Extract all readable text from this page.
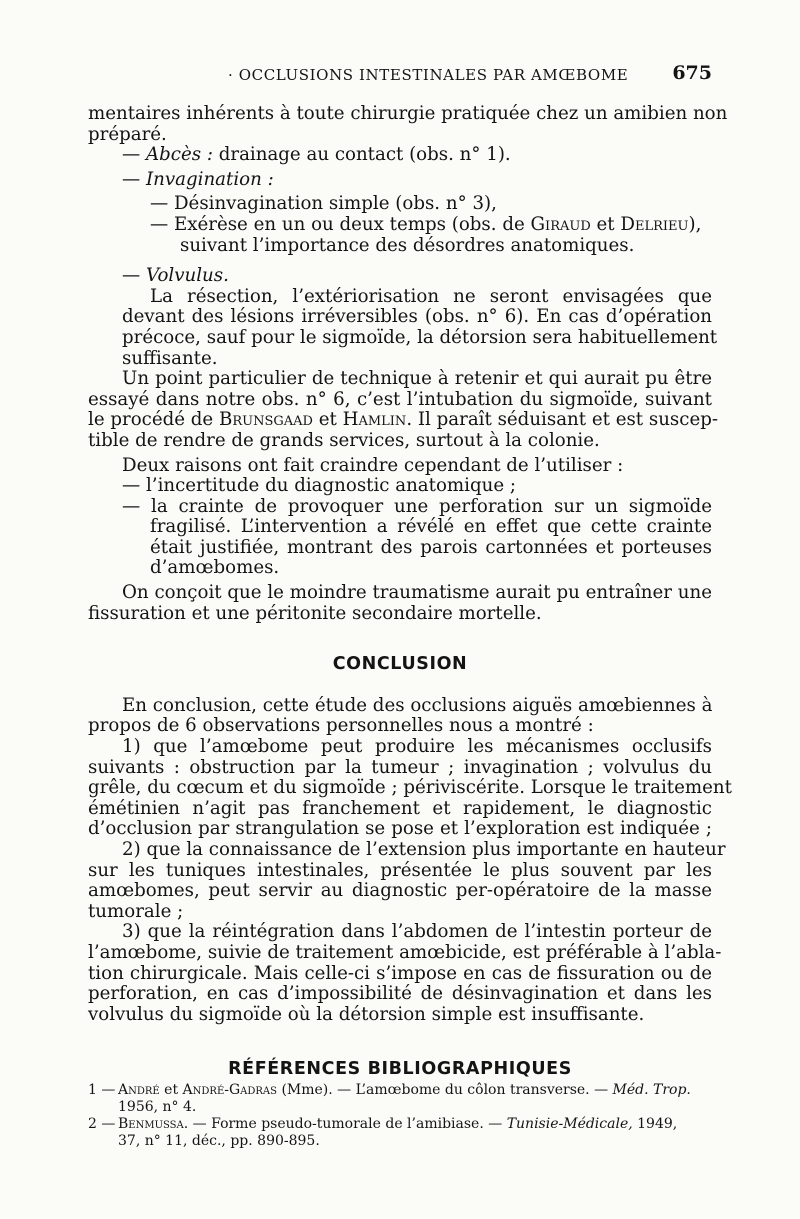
· OCCLUSIONS INTESTINALES PAR AMŒBOME 675
mentaires inhérents à toute chirurgie pratiquée chez un amibien non
préparé.
— Abcès : drainage au contact (obs. n° 1).
— Invagination :
— Désinvagination simple (obs. n° 3),
— Exérèse en un ou deux temps (obs. de Giraud et Delrieu),
suivant l’importance des désordres anatomiques.
— Volvulus.
La résection, l’extériorisation ne seront envisagées que
devant des lésions irréversibles (obs. n° 6). En cas d’opération
précoce, sauf pour le sigmoïde, la détorsion sera habituellement
suffisante.
Un point particulier de technique à retenir et qui aurait pu être
essayé dans notre obs. n° 6, c’est l’intubation du sigmoïde, suivant
le procédé de Brunsgaad et Hamlin. Il paraît séduisant et est suscep-
tible de rendre de grands services, surtout à la colonie.
Deux raisons ont fait craindre cependant de l’utiliser :
— l’incertitude du diagnostic anatomique ;
— la crainte de provoquer une perforation sur un sigmoïde
fragilisé. L’intervention a révélé en effet que cette crainte
était justifiée, montrant des parois cartonnées et porteuses
d’amœbomes.
On conçoit que le moindre traumatisme aurait pu entraîner une
fissuration et une péritonite secondaire mortelle.
CONCLUSION
En conclusion, cette étude des occlusions aiguës amœbiennes à
propos de 6 observations personnelles nous a montré :
1) que l’amœbome peut produire les mécanismes occlusifs
suivants : obstruction par la tumeur ; invagination ; volvulus du
grêle, du cœcum et du sigmoïde ; périviscérite. Lorsque le traitement
émétinien n’agit pas franchement et rapidement, le diagnostic
d’occlusion par strangulation se pose et l’exploration est indiquée ;
2) que la connaissance de l’extension plus importante en hauteur
sur les tuniques intestinales, présentée le plus souvent par les
amœbomes, peut servir au diagnostic per-opératoire de la masse
tumorale ;
3) que la réintégration dans l’abdomen de l’intestin porteur de
l’amœbome, suivie de traitement amœbicide, est préférable à l’abla-
tion chirurgicale. Mais celle-ci s’impose en cas de fissuration ou de
perforation, en cas d’impossibilité de désinvagination et dans les
volvulus du sigmoïde où la détorsion simple est insuffisante.
RÉFÉRENCES BIBLIOGRAPHIQUES
1 — André et André-Gadras (Mme). — L’amœbome du côlon transverse. — Méd. Trop.
1956, n° 4.
2 — Benmussa. — Forme pseudo-tumorale de l’amibiase. — Tunisie-Médicale, 1949,
37, n° 11, déc., pp. 890-895.
